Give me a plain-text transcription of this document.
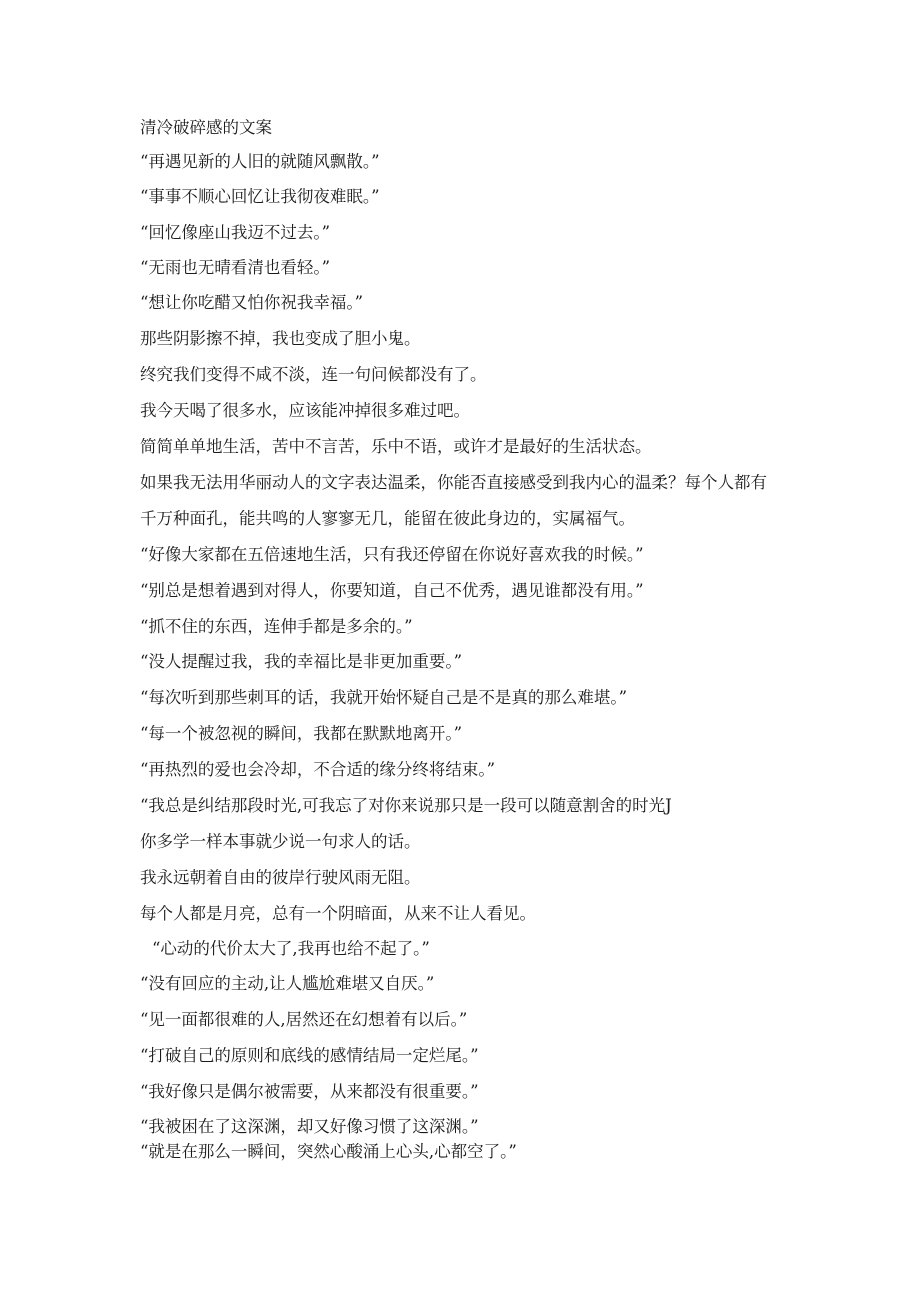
清冷破碎感的文案
“再遇见新的人旧的就随风飘散。”
“事事不顺心回忆让我彻夜难眠。”
“回忆像座山我迈不过去。”
“无雨也无晴看清也看轻。”
“想让你吃醋又怕你祝我幸福。”
那些阴影擦不掉，我也变成了胆小鬼。
终究我们变得不咸不淡，连一句问候都没有了。
我今天喝了很多水，应该能冲掉很多难过吧。
简简单单地生活，苦中不言苦，乐中不语，或许才是最好的生活状态。
如果我无法用华丽动人的文字表达温柔，你能否直接感受到我内心的温柔？每个人都有
千万种面孔，能共鸣的人寥寥无几，能留在彼此身边的，实属福气。
“好像大家都在五倍速地生活，只有我还停留在你说好喜欢我的时候。”
“别总是想着遇到对得人，你要知道，自己不优秀，遇见谁都没有用。”
“抓不住的东西，连伸手都是多余的。”
“没人提醒过我，我的幸福比是非更加重要。”
“每次听到那些刺耳的话，我就开始怀疑自己是不是真的那么难堪。”
“每一个被忽视的瞬间，我都在默默地离开。”
“再热烈的爱也会冷却，不合适的缘分终将结束。”
“我总是纠结那段时光,可我忘了对你来说那只是一段可以随意割舍的时光J
你多学一样本事就少说一句求人的话。
我永远朝着自由的彼岸行驶风雨无阻。
每个人都是月亮，总有一个阴暗面，从来不让人看见。
“心动的代价太大了,我再也给不起了。”
“没有回应的主动,让人尴尬难堪又自厌。”
“见一面都很难的人,居然还在幻想着有以后。”
“打破自己的原则和底线的感情结局一定烂尾。”
“我好像只是偶尔被需要，从来都没有很重要。”
“我被困在了这深渊，却又好像习惯了这深渊。”
“就是在那么一瞬间，突然心酸涌上心头,心都空了。”
